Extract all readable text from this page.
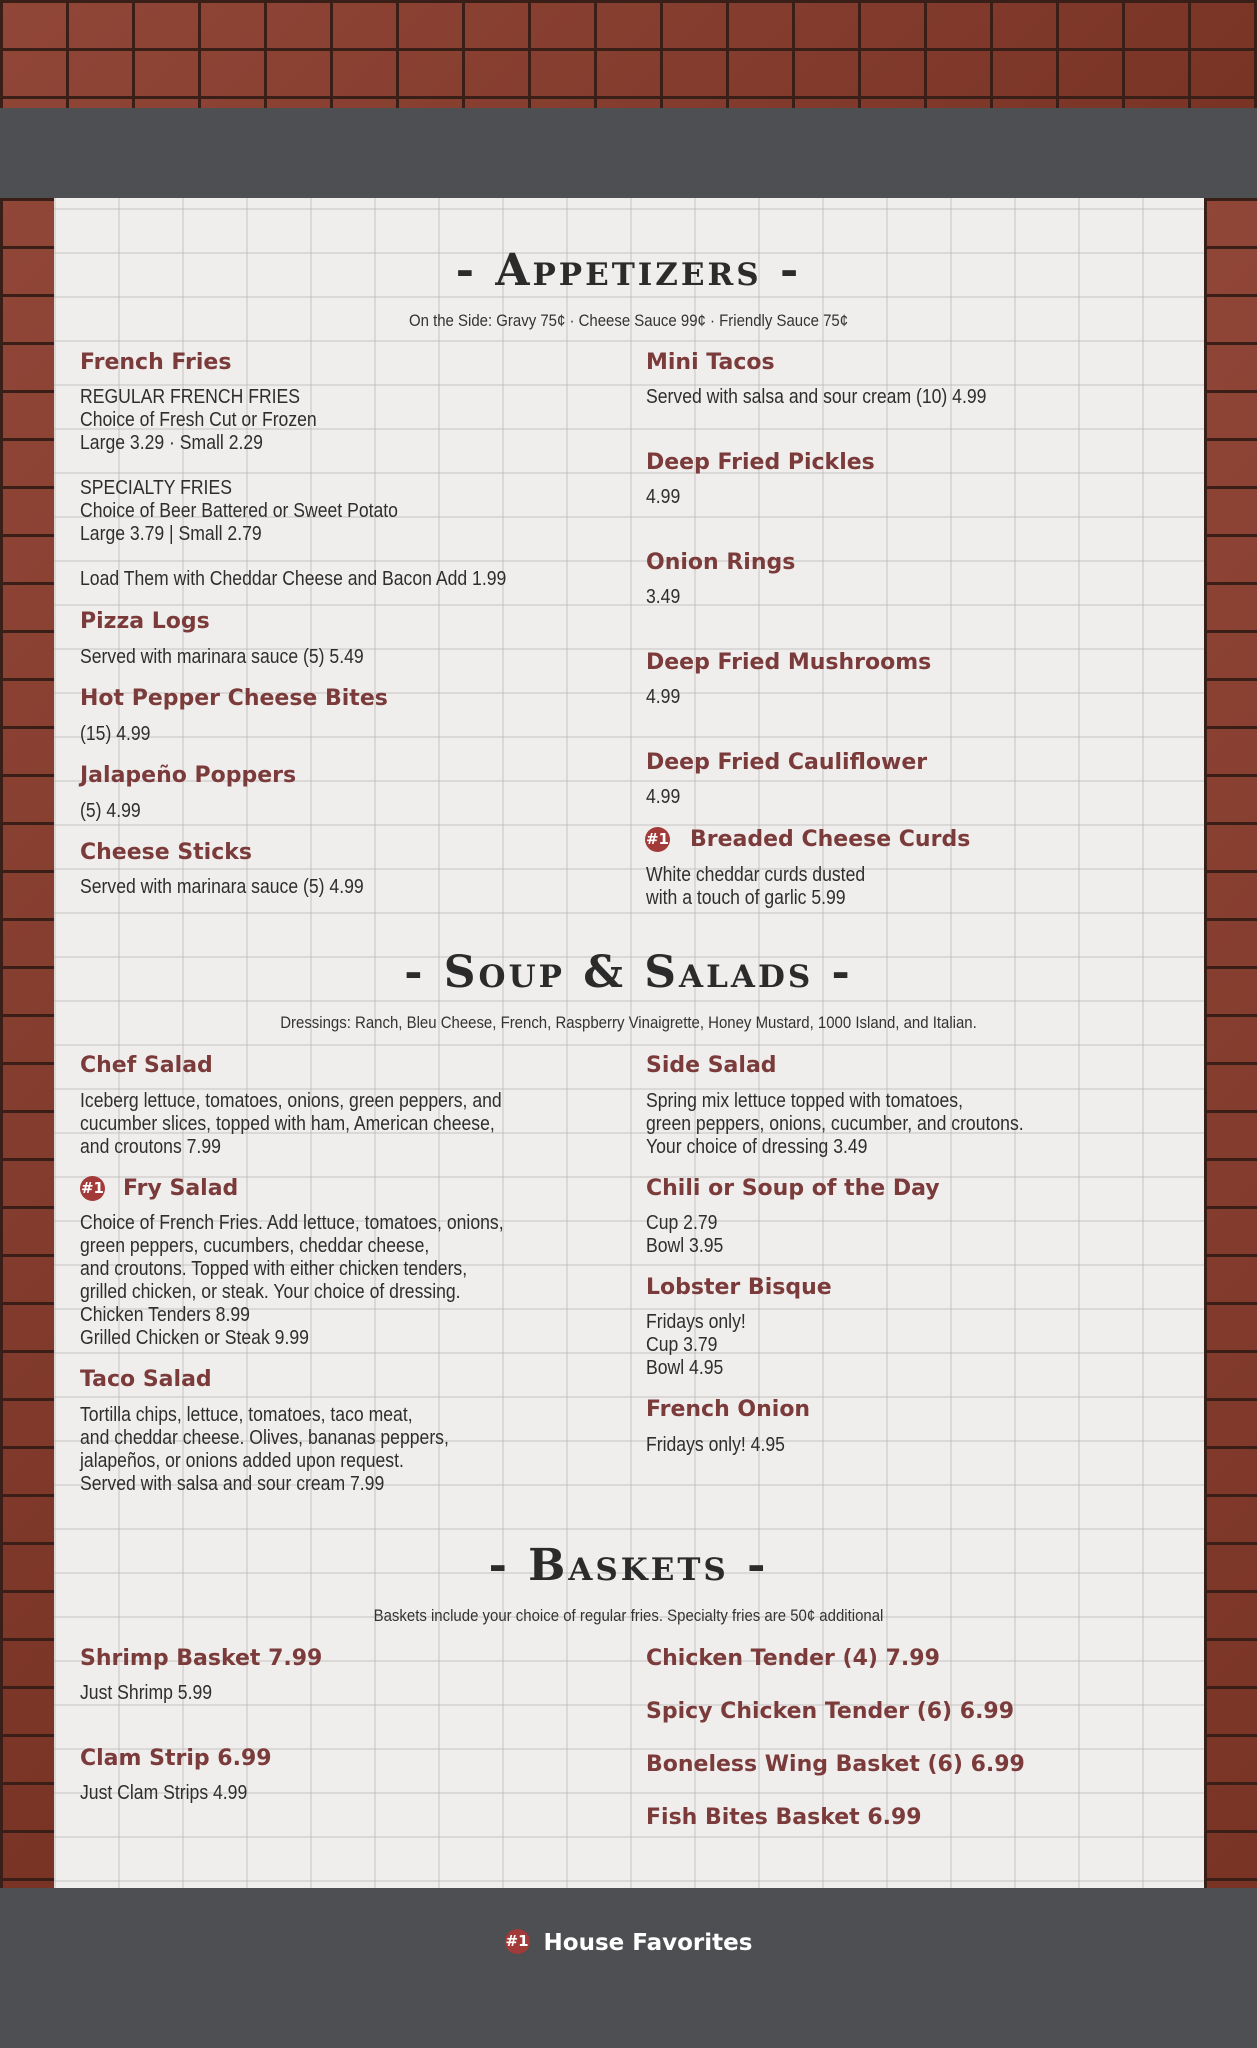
- Appetizers -
On the Side: Gravy 75¢ · Cheese Sauce 99¢ · Friendly Sauce 75¢
French Fries
REGULAR FRENCH FRIES
Choice of Fresh Cut or Frozen
Large 3.29 · Small 2.29
SPECIALTY FRIES
Choice of Beer Battered or Sweet Potato
Large 3.79 | Small 2.79
Load Them with Cheddar Cheese and Bacon Add 1.99
Pizza Logs
Served with marinara sauce (5) 5.49
Hot Pepper Cheese Bites
(15) 4.99
Jalapeño Poppers
(5) 4.99
Cheese Sticks
Served with marinara sauce (5) 4.99
Mini Tacos
Served with salsa and sour cream (10) 4.99
Deep Fried Pickles
4.99
Onion Rings
3.49
Deep Fried Mushrooms
4.99
Deep Fried Cauliflower
4.99
#1 Breaded Cheese Curds
White cheddar curds dusted
with a touch of garlic 5.99
- Soup & Salads -
Dressings: Ranch, Bleu Cheese, French, Raspberry Vinaigrette, Honey Mustard, 1000 Island, and Italian.
Chef Salad
Iceberg lettuce, tomatoes, onions, green peppers, and
cucumber slices, topped with ham, American cheese,
and croutons 7.99
#1 Fry Salad
Choice of French Fries. Add lettuce, tomatoes, onions,
green peppers, cucumbers, cheddar cheese,
and croutons. Topped with either chicken tenders,
grilled chicken, or steak. Your choice of dressing.
Chicken Tenders 8.99
Grilled Chicken or Steak 9.99
Taco Salad
Tortilla chips, lettuce, tomatoes, taco meat,
and cheddar cheese. Olives, bananas peppers,
jalapeños, or onions added upon request.
Served with salsa and sour cream 7.99
Side Salad
Spring mix lettuce topped with tomatoes,
green peppers, onions, cucumber, and croutons.
Your choice of dressing 3.49
Chili or Soup of the Day
Cup 2.79
Bowl 3.95
Lobster Bisque
Fridays only!
Cup 3.79
Bowl 4.95
French Onion
Fridays only! 4.95
- Baskets -
Baskets include your choice of regular fries. Specialty fries are 50¢ additional
Shrimp Basket 7.99
Just Shrimp 5.99
Clam Strip 6.99
Just Clam Strips 4.99
Chicken Tender (4) 7.99
Spicy Chicken Tender (6) 6.99
Boneless Wing Basket (6) 6.99
Fish Bites Basket 6.99
#1 House Favorites
